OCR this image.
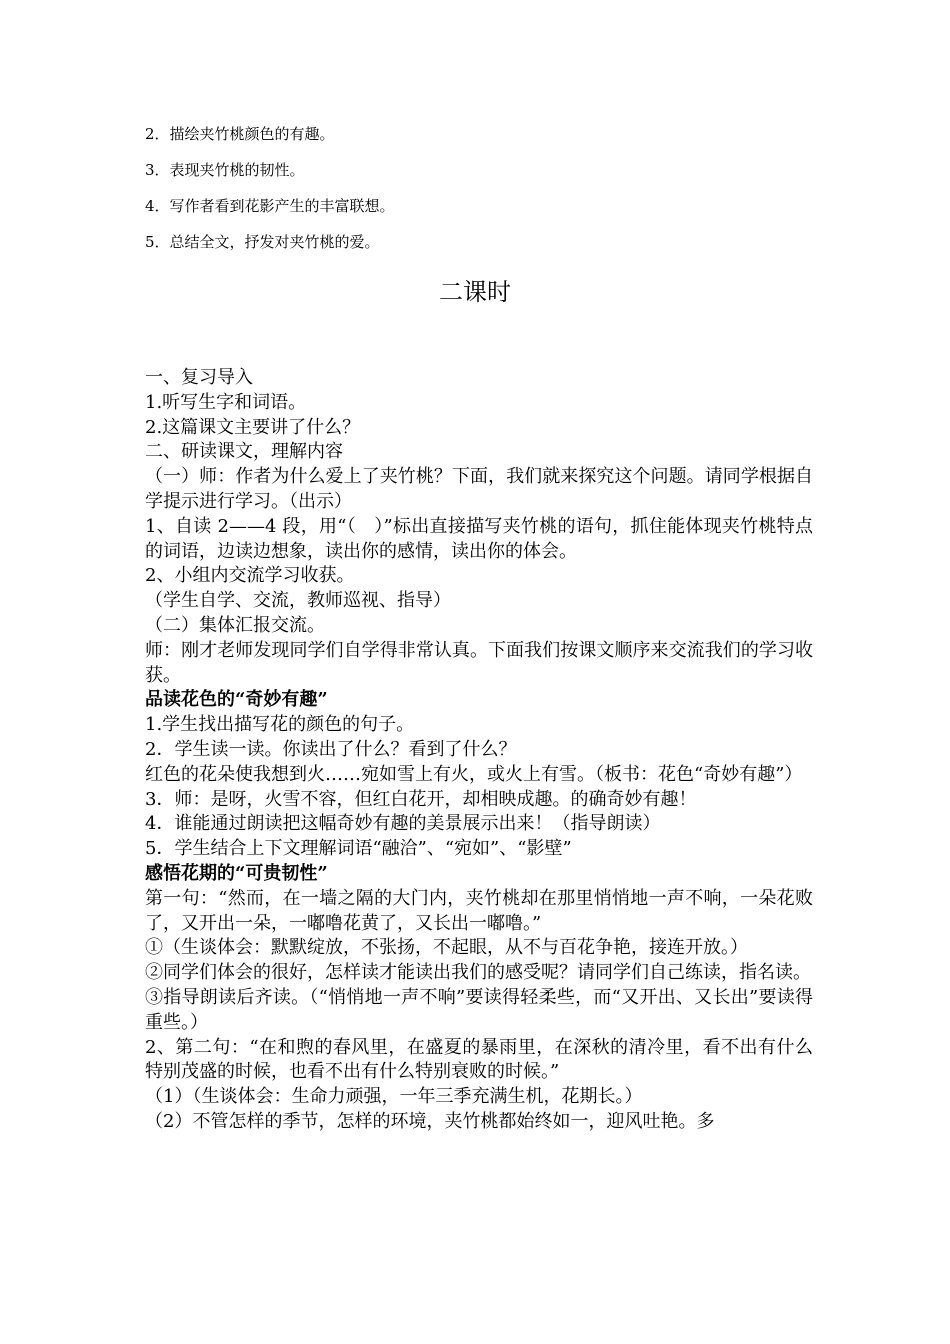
2．描绘夹竹桃颜色的有趣。
3．表现夹竹桃的韧性。
4．写作者看到花影产生的丰富联想。
5．总结全文，抒发对夹竹桃的爱。
二课时

一、复习导入

1.听写生字和词语。

2.这篇课文主要讲了什么？

二、研读课文，理解内容

（一）师：作者为什么爱上了夹竹桃？下面，我们就来探究这个问题。请同学根据自学提示进行学习。（出示）

1、自读 2——4 段，用“（　）”标出直接描写夹竹桃的语句，抓住能体现夹竹桃特点的词语，边读边想象，读出你的感情，读出你的体会。

2、小组内交流学习收获。

（学生自学、交流，教师巡视、指导）

（二）集体汇报交流。

师：刚才老师发现同学们自学得非常认真。下面我们按课文顺序来交流我们的学习收获。

品读花色的“奇妙有趣”

1.学生找出描写花的颜色的句子。

2．学生读一读。你读出了什么？看到了什么？

红色的花朵使我想到火……宛如雪上有火，或火上有雪。（板书：花色“奇妙有趣”）

3．师：是呀，火雪不容，但红白花开，却相映成趣。的确奇妙有趣！

4．谁能通过朗读把这幅奇妙有趣的美景展示出来！（指导朗读）

5．学生结合上下文理解词语“融洽”、“宛如”、“影壁”

感悟花期的“可贵韧性”

第一句：“然而，在一墙之隔的大门内，夹竹桃却在那里悄悄地一声不响，一朵花败了，又开出一朵，一嘟噜花黄了，又长出一嘟噜。”

①（生谈体会：默默绽放，不张扬，不起眼，从不与百花争艳，接连开放。）

②同学们体会的很好，怎样读才能读出我们的感受呢？请同学们自己练读，指名读。

③指导朗读后齐读。（“悄悄地一声不响”要读得轻柔些，而“又开出、又长出”要读得重些。）

2、第二句：“在和煦的春风里，在盛夏的暴雨里，在深秋的清冷里，看不出有什么特别茂盛的时候，也看不出有什么特别衰败的时候。”

（1）（生谈体会：生命力顽强，一年三季充满生机，花期长。）

（2）不管怎样的季节，怎样的环境，夹竹桃都始终如一，迎风吐艳。多
